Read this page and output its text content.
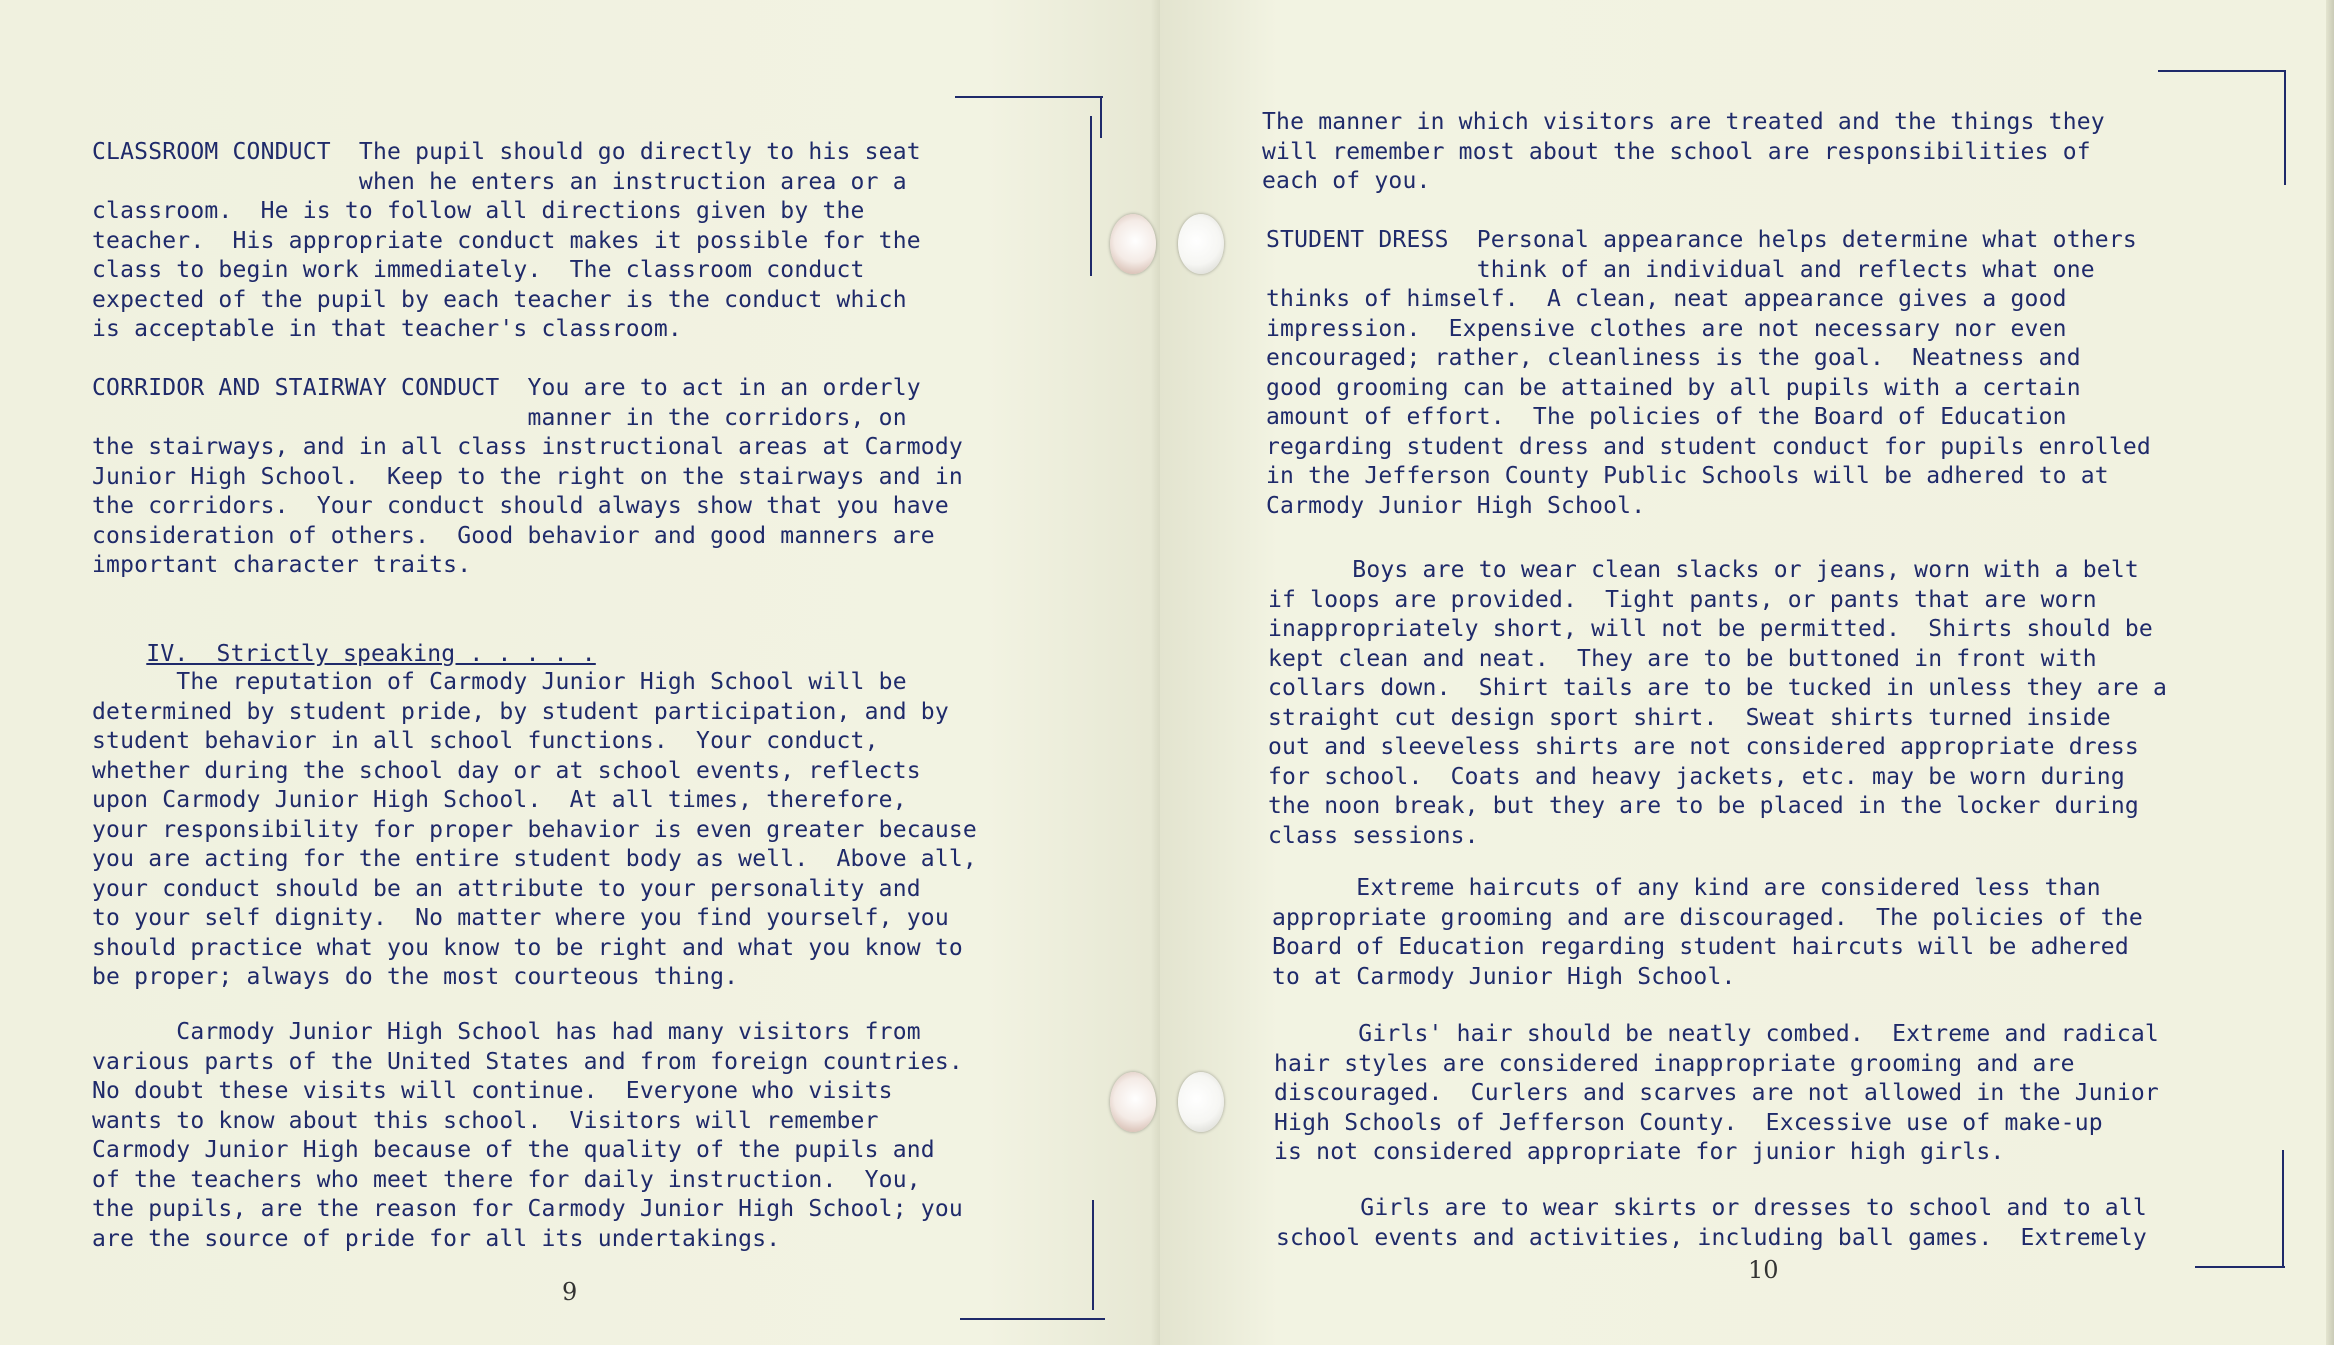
CLASSROOM CONDUCT  The pupil should go directly to his seat

when he enters an instruction area or a

classroom.  He is to follow all directions given by the

teacher.  His appropriate conduct makes it possible for the

class to begin work immediately.  The classroom conduct

expected of the pupil by each teacher is the conduct which

is acceptable in that teacher's classroom.

CORRIDOR AND STAIRWAY CONDUCT  You are to act in an orderly

manner in the corridors, on

the stairways, and in all class instructional areas at Carmody

Junior High School.  Keep to the right on the stairways and in

the corridors.  Your conduct should always show that you have

consideration of others.  Good behavior and good manners are

important character traits.

IV.  Strictly speaking . . . . .

The reputation of Carmody Junior High School will be

determined by student pride, by student participation, and by

student behavior in all school functions.  Your conduct,

whether during the school day or at school events, reflects

upon Carmody Junior High School.  At all times, therefore,

your responsibility for proper behavior is even greater because

you are acting for the entire student body as well.  Above all,

your conduct should be an attribute to your personality and

to your self dignity.  No matter where you find yourself, you

should practice what you know to be right and what you know to

be proper; always do the most courteous thing.

Carmody Junior High School has had many visitors from

various parts of the United States and from foreign countries.

No doubt these visits will continue.  Everyone who visits

wants to know about this school.  Visitors will remember

Carmody Junior High because of the quality of the pupils and

of the teachers who meet there for daily instruction.  You,

the pupils, are the reason for Carmody Junior High School; you

are the source of pride for all its undertakings.

9

The manner in which visitors are treated and the things they

will remember most about the school are responsibilities of

each of you.

STUDENT DRESS  Personal appearance helps determine what others

think of an individual and reflects what one

thinks of himself.  A clean, neat appearance gives a good

impression.  Expensive clothes are not necessary nor even

encouraged; rather, cleanliness is the goal.  Neatness and

good grooming can be attained by all pupils with a certain

amount of effort.  The policies of the Board of Education

regarding student dress and student conduct for pupils enrolled

in the Jefferson County Public Schools will be adhered to at

Carmody Junior High School.

Boys are to wear clean slacks or jeans, worn with a belt

if loops are provided.  Tight pants, or pants that are worn

inappropriately short, will not be permitted.  Shirts should be

kept clean and neat.  They are to be buttoned in front with

collars down.  Shirt tails are to be tucked in unless they are a

straight cut design sport shirt.  Sweat shirts turned inside

out and sleeveless shirts are not considered appropriate dress

for school.  Coats and heavy jackets, etc. may be worn during

the noon break, but they are to be placed in the locker during

class sessions.

Extreme haircuts of any kind are considered less than

appropriate grooming and are discouraged.  The policies of the

Board of Education regarding student haircuts will be adhered

to at Carmody Junior High School.

Girls' hair should be neatly combed.  Extreme and radical

hair styles are considered inappropriate grooming and are

discouraged.  Curlers and scarves are not allowed in the Junior

High Schools of Jefferson County.  Excessive use of make-up

is not considered appropriate for junior high girls.

Girls are to wear skirts or dresses to school and to all

school events and activities, including ball games.  Extremely

10
